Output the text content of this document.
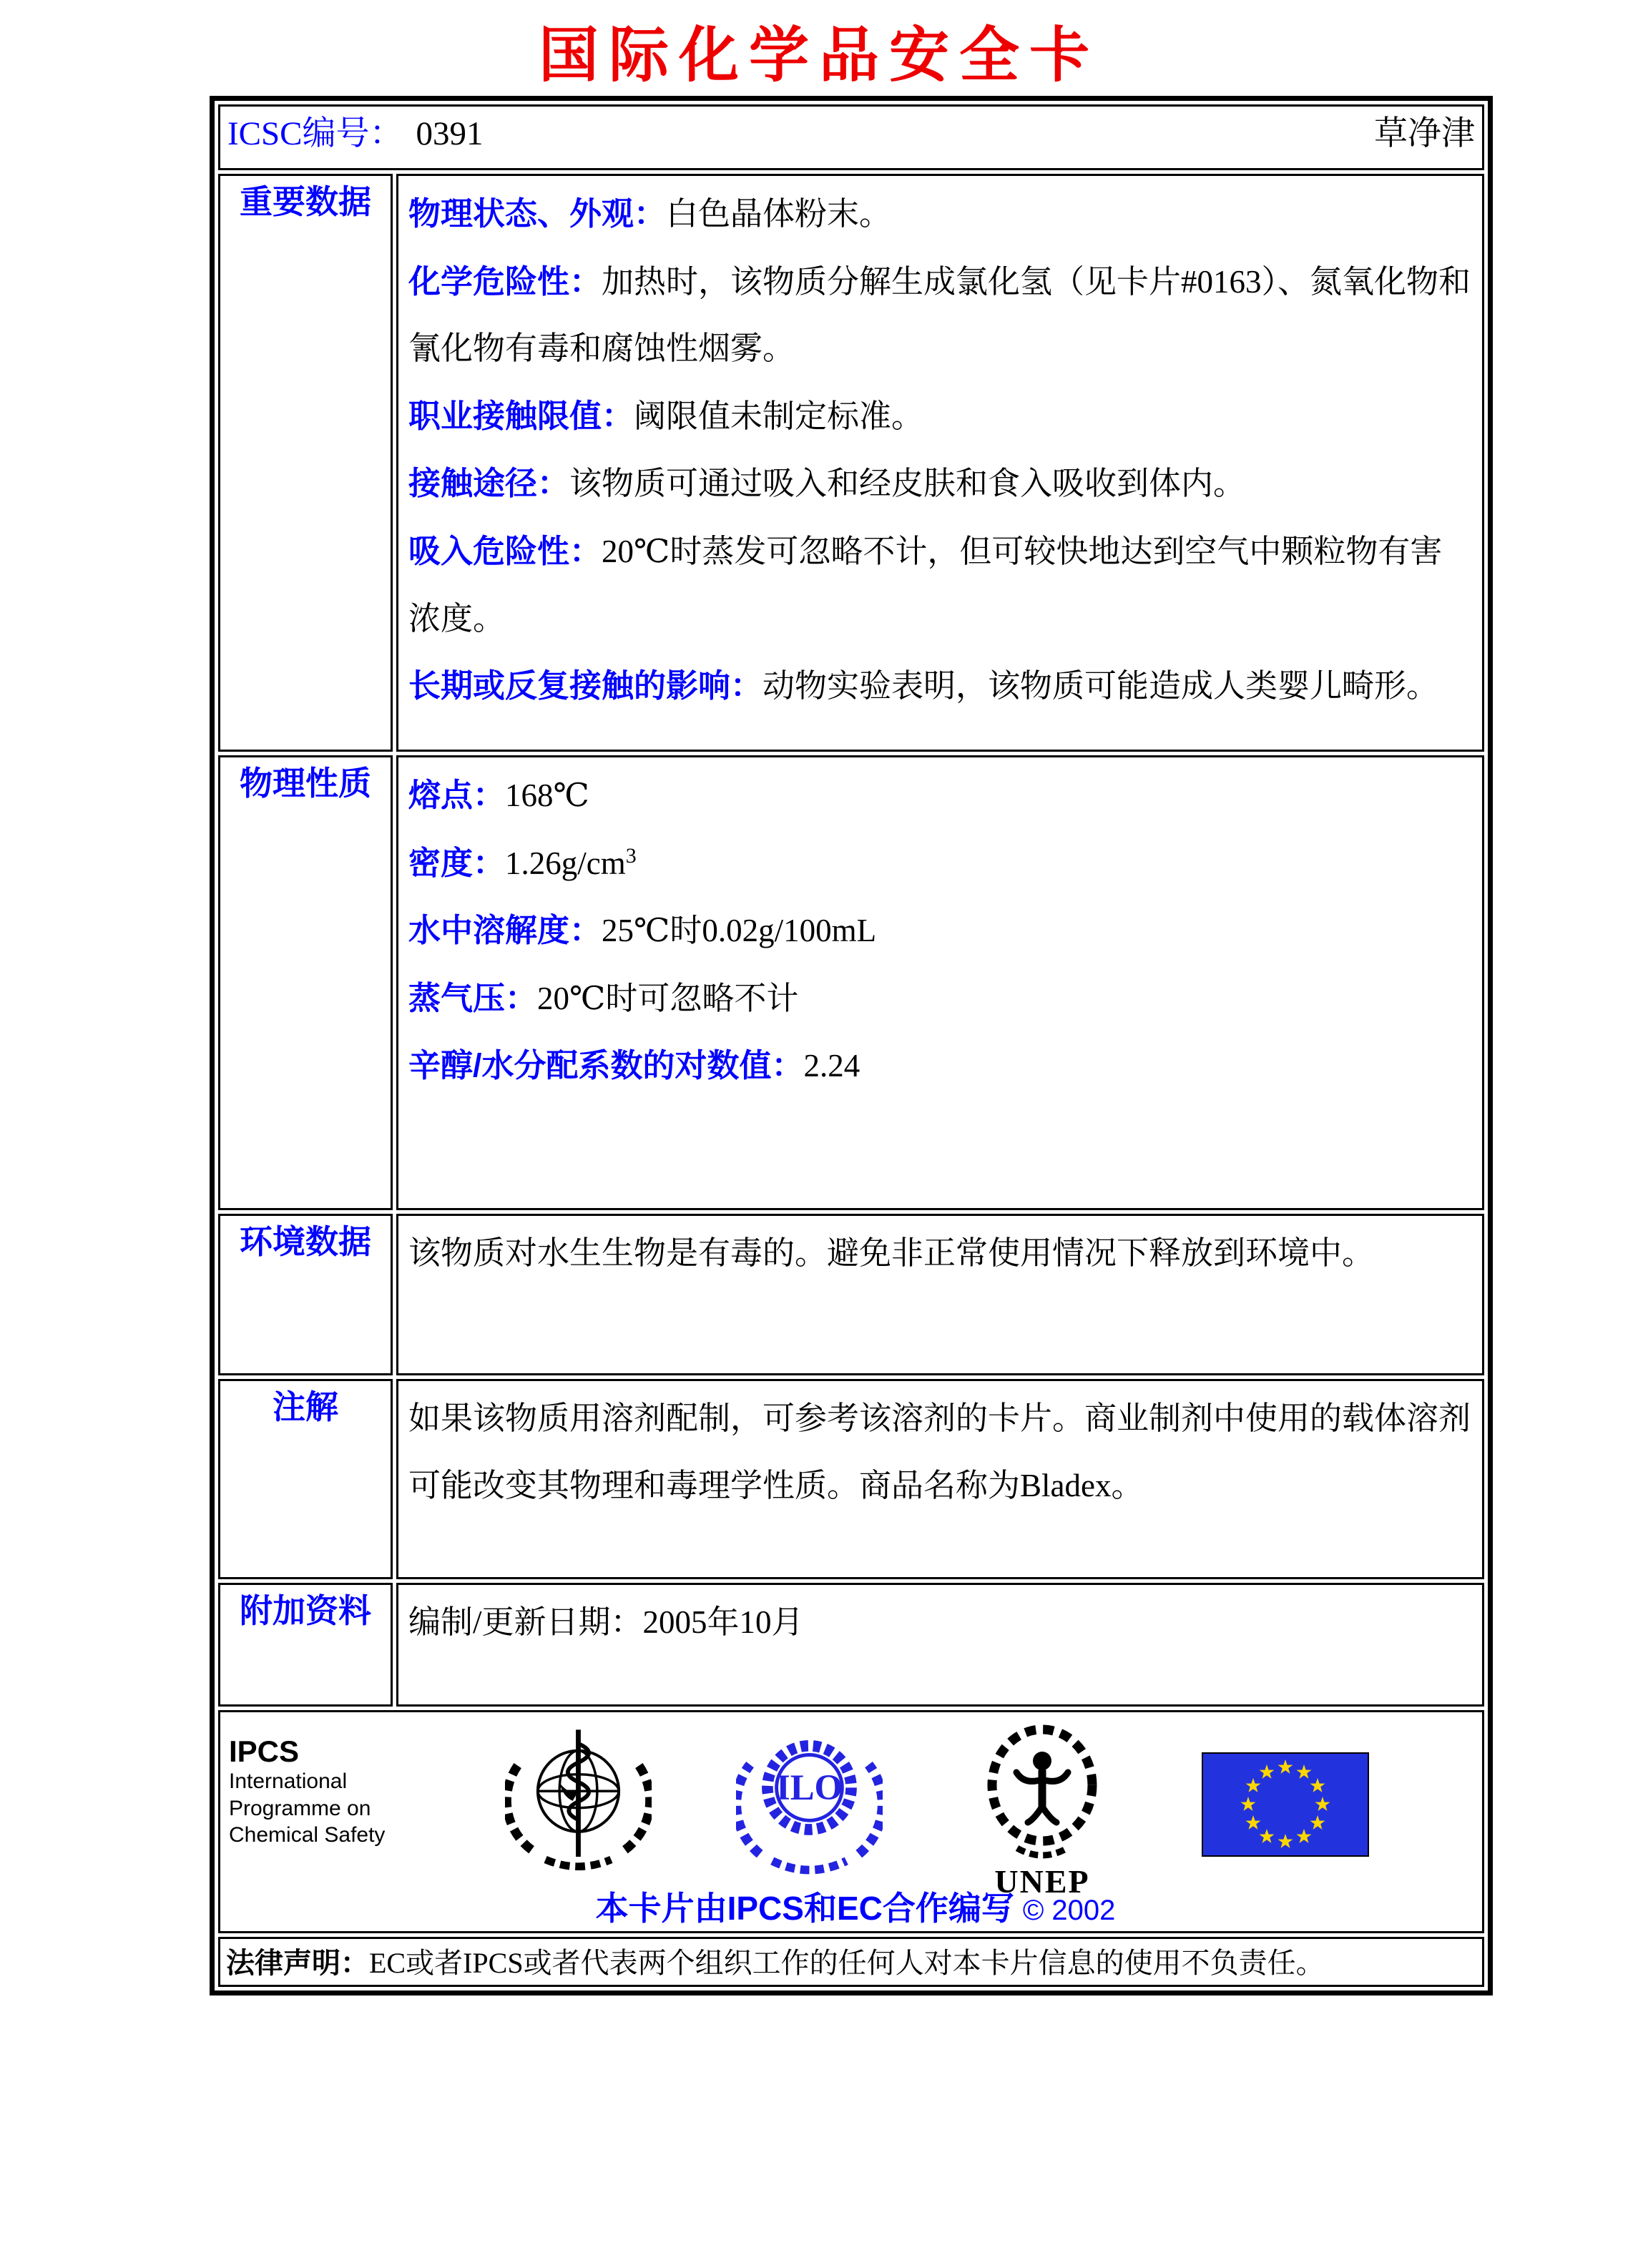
国际化学品安全卡
ICSC编号： 0391 草净津	

重要数据	物理状态、外观：白色晶体粉末。
化学危险性：加热时，该物质分解生成氯化氢（见卡片#0163）、氮氧化物和氰化物有毒和腐蚀性烟雾。
职业接触限值：阈限值未制定标准。
接触途径：该物质可通过吸入和经皮肤和食入吸收到体内。
吸入危险性：20℃时蒸发可忽略不计，但可较快地达到空气中颗粒物有害浓度。
长期或反复接触的影响：动物实验表明，该物质可能造成人类婴儿畸形。

物理性质	熔点：168℃
密度：$1.26g/cm^3$
水中溶解度：25℃时0.02g/100mL
蒸气压：20℃时可忽略不计
辛醇/水分配系数的对数值：2.24

环境数据	该物质对水生生物是有毒的。避免非正常使用情况下释放到环境中。

注解	如果该物质用溶剂配制，可参考该溶剂的卡片。商业制剂中使用的载体溶剂可能改变其物理和毒理学性质。商品名称为Bladex。

附加资料	编制/更新日期：2005年10月

IPCS
International
Programme on
Chemical Safety
ILO
UNEP
本卡片由IPCS和EC合作编写 © 2002

法律声明：EC或者IPCS或者代表两个组织工作的任何人对本卡片信息的使用不负责任。	
